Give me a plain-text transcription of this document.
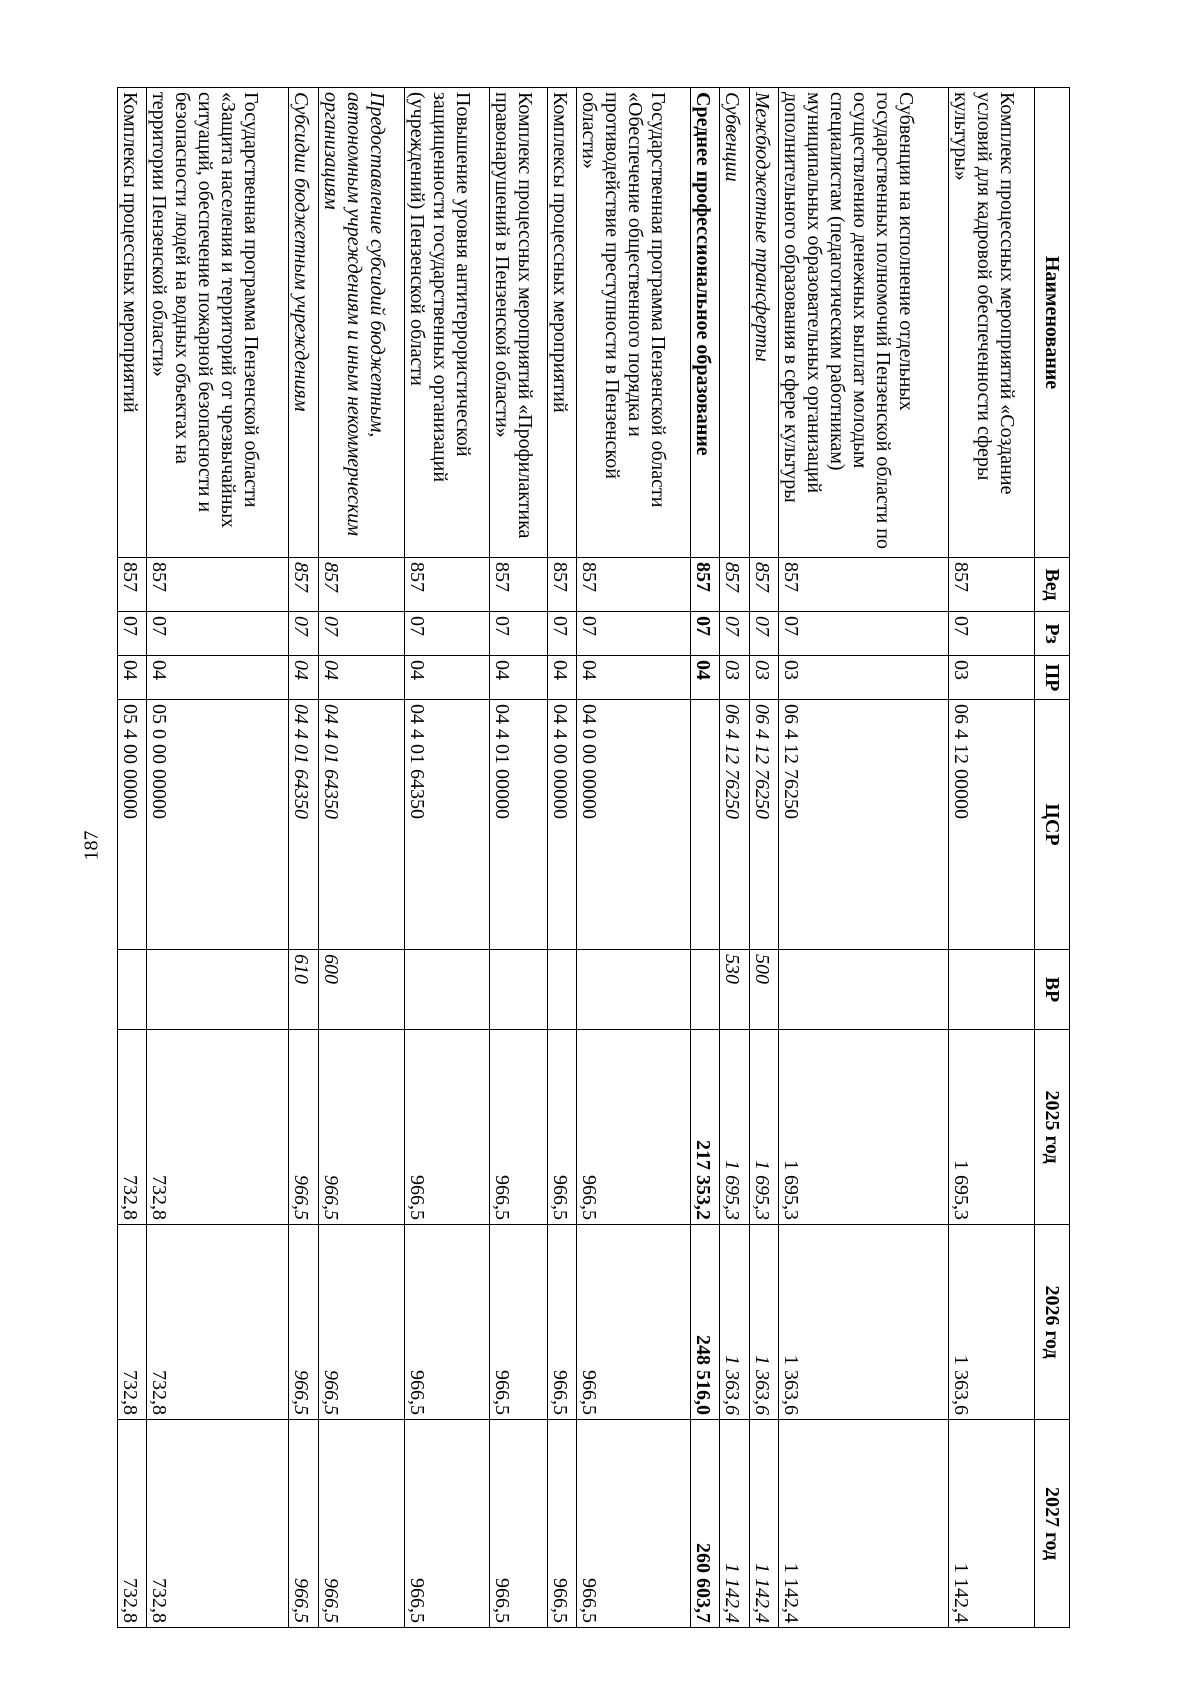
187
Наименование	Вед	Рз	ПР	ЦСР	ВР	2025 год	2026 год	2027 год
Комплекс процессных мероприятий «Создание условий для кадровой обеспеченности сферы культуры»	857	07	03	06 4 12 00000		1 695,3	1 363,6	1 142,4
Субвенции на исполнение отдельных государственных полномочий Пензенской области по осуществлению денежных выплат молодым специалистам (педагогическим работникам) муниципальных образовательных организаций дополнительного образования в сфере культуры	857	07	03	06 4 12 76250		1 695,3	1 363,6	1 142,4
Межбюджетные трансферты	857	07	03	06 4 12 76250	500	1 695,3	1 363,6	1 142,4
Субвенции	857	07	03	06 4 12 76250	530	1 695,3	1 363,6	1 142,4
Среднее профессиональное образование	857	07	04			217 353,2	248 516,0	260 603,7
Государственная программа Пензенской области «Обеспечение общественного порядка и противодействие преступности в Пензенской области»	857	07	04	04 0 00 00000		966,5	966,5	966,5
Комплексы процессных мероприятий	857	07	04	04 4 00 00000		966,5	966,5	966,5
Комплекс процессных мероприятий «Профилактика правонарушений в Пензенской области»	857	07	04	04 4 01 00000		966,5	966,5	966,5
Повышение уровня антитеррористической защищенности государственных организаций (учреждений) Пензенской области	857	07	04	04 4 01 64350		966,5	966,5	966,5
Предоставление субсидий бюджетным, автономным учреждениям и иным некоммерческим организациям	857	07	04	04 4 01 64350	600	966,5	966,5	966,5
Субсидии бюджетным учреждениям	857	07	04	04 4 01 64350	610	966,5	966,5	966,5
Государственная программа Пензенской области «Защита населения и территорий от чрезвычайных ситуаций, обеспечение пожарной безопасности и безопасности людей на водных объектах на территории Пензенской области»	857	07	04	05 0 00 00000		732,8	732,8	732,8
Комплексы процессных мероприятий	857	07	04	05 4 00 00000		732,8	732,8	732,8
